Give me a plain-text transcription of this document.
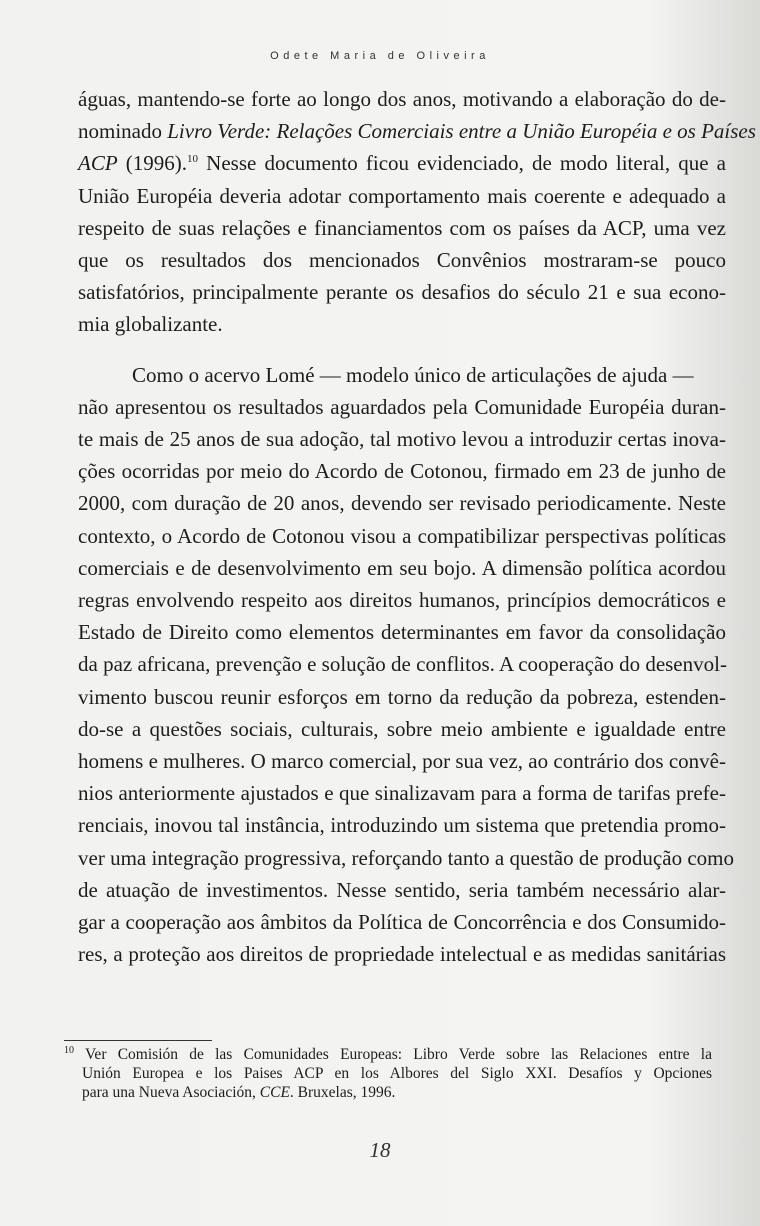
Odete Maria de Oliveira
águas, mantendo-se forte ao longo dos anos, motivando a elaboração do de-
nominado Livro Verde: Relações Comerciais entre a União Européia e os Países
ACP (1996).$^{10}$ Nesse documento ficou evidenciado, de modo literal, que a
União Européia deveria adotar comportamento mais coerente e adequado a
respeito de suas relações e financiamentos com os países da ACP, uma vez
que os resultados dos mencionados Convênios mostraram-se pouco
satisfatórios, principalmente perante os desafios do século 21 e sua econo-
mia globalizante.
Como o acervo Lomé — modelo único de articulações de ajuda —
não apresentou os resultados aguardados pela Comunidade Européia duran-
te mais de 25 anos de sua adoção, tal motivo levou a introduzir certas inova-
ções ocorridas por meio do Acordo de Cotonou, firmado em 23 de junho de
2000, com duração de 20 anos, devendo ser revisado periodicamente. Neste
contexto, o Acordo de Cotonou visou a compatibilizar perspectivas políticas
comerciais e de desenvolvimento em seu bojo. A dimensão política acordou
regras envolvendo respeito aos direitos humanos, princípios democráticos e
Estado de Direito como elementos determinantes em favor da consolidação
da paz africana, prevenção e solução de conflitos. A cooperação do desenvol-
vimento buscou reunir esforços em torno da redução da pobreza, estenden-
do-se a questões sociais, culturais, sobre meio ambiente e igualdade entre
homens e mulheres. O marco comercial, por sua vez, ao contrário dos convê-
nios anteriormente ajustados e que sinalizavam para a forma de tarifas prefe-
renciais, inovou tal instância, introduzindo um sistema que pretendia promo-
ver uma integração progressiva, reforçando tanto a questão de produção como
de atuação de investimentos. Nesse sentido, seria também necessário alar-
gar a cooperação aos âmbitos da Política de Concorrência e dos Consumido-
res, a proteção aos direitos de propriedade intelectual e as medidas sanitárias
$^{10}$ Ver Comisión de las Comunidades Europeas: Libro Verde sobre las Relaciones entre la
Unión Europea e los Paises ACP en los Albores del Siglo XXI. Desafíos y Opciones
para una Nueva Asociación, CCE. Bruxelas, 1996.
18
